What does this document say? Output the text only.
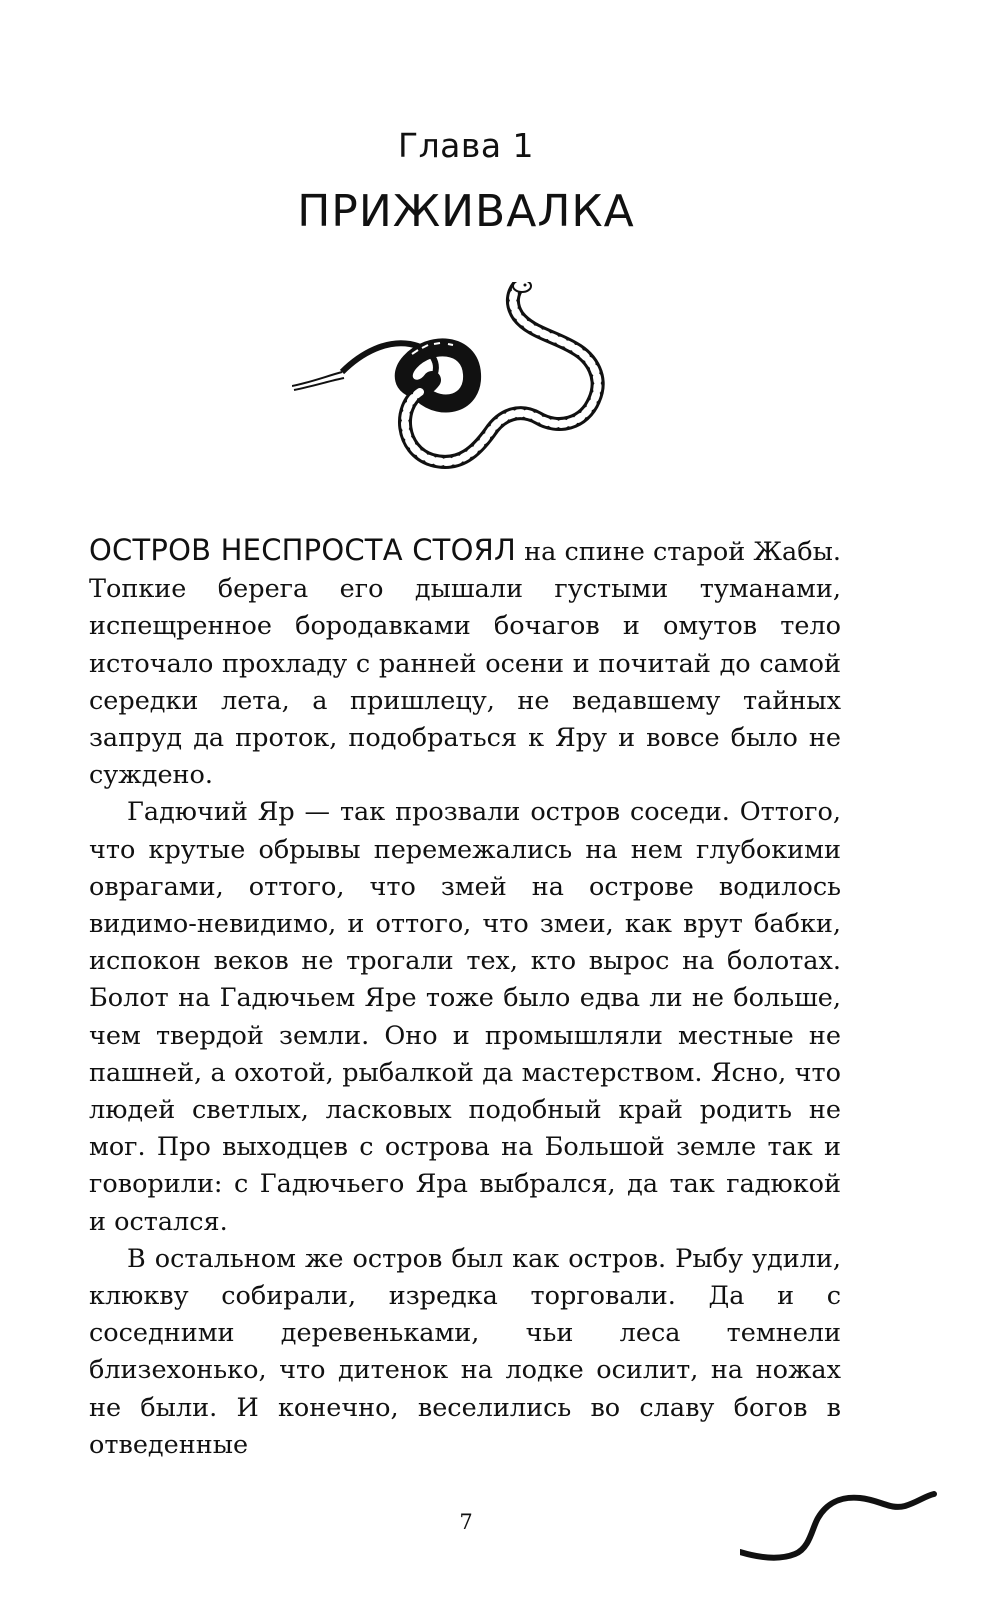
Глава 1
ПРИЖИВАЛКА

ОСТРОВ НЕСПРОСТА СТОЯЛ на спине старой Жабы. Топкие берега его дышали густыми туманами, испещренное бородавками бочагов и омутов тело источало прохладу с ранней осени и почитай до самой середки лета, а пришлецу, не ведавшему тайных запруд да проток, подобраться к Яру и вовсе было не суждено.

Гадючий Яр — так прозвали остров соседи. Оттого, что крутые обрывы перемежались на нем глубокими оврагами, оттого, что змей на острове водилось видимо-невидимо, и оттого, что змеи, как врут бабки, испокон веков не трогали тех, кто вырос на болотах. Болот на Гадючьем Яре тоже было едва ли не больше, чем твердой земли. Оно и промышляли местные не пашней, а охотой, рыбалкой да мастерством. Ясно, что людей светлых, ласковых подобный край родить не мог. Про выходцев с острова на Большой земле так и говорили: с Гадючьего Яра выбрался, да так гадюкой и остался.

В остальном же остров был как остров. Рыбу удили, клюкву собирали, изредка торговали. Да и с соседними деревеньками, чьи леса темнели близехонько, что дитенок на лодке осилит, на ножах не были. И конечно, веселились во славу богов в отведенные

7
